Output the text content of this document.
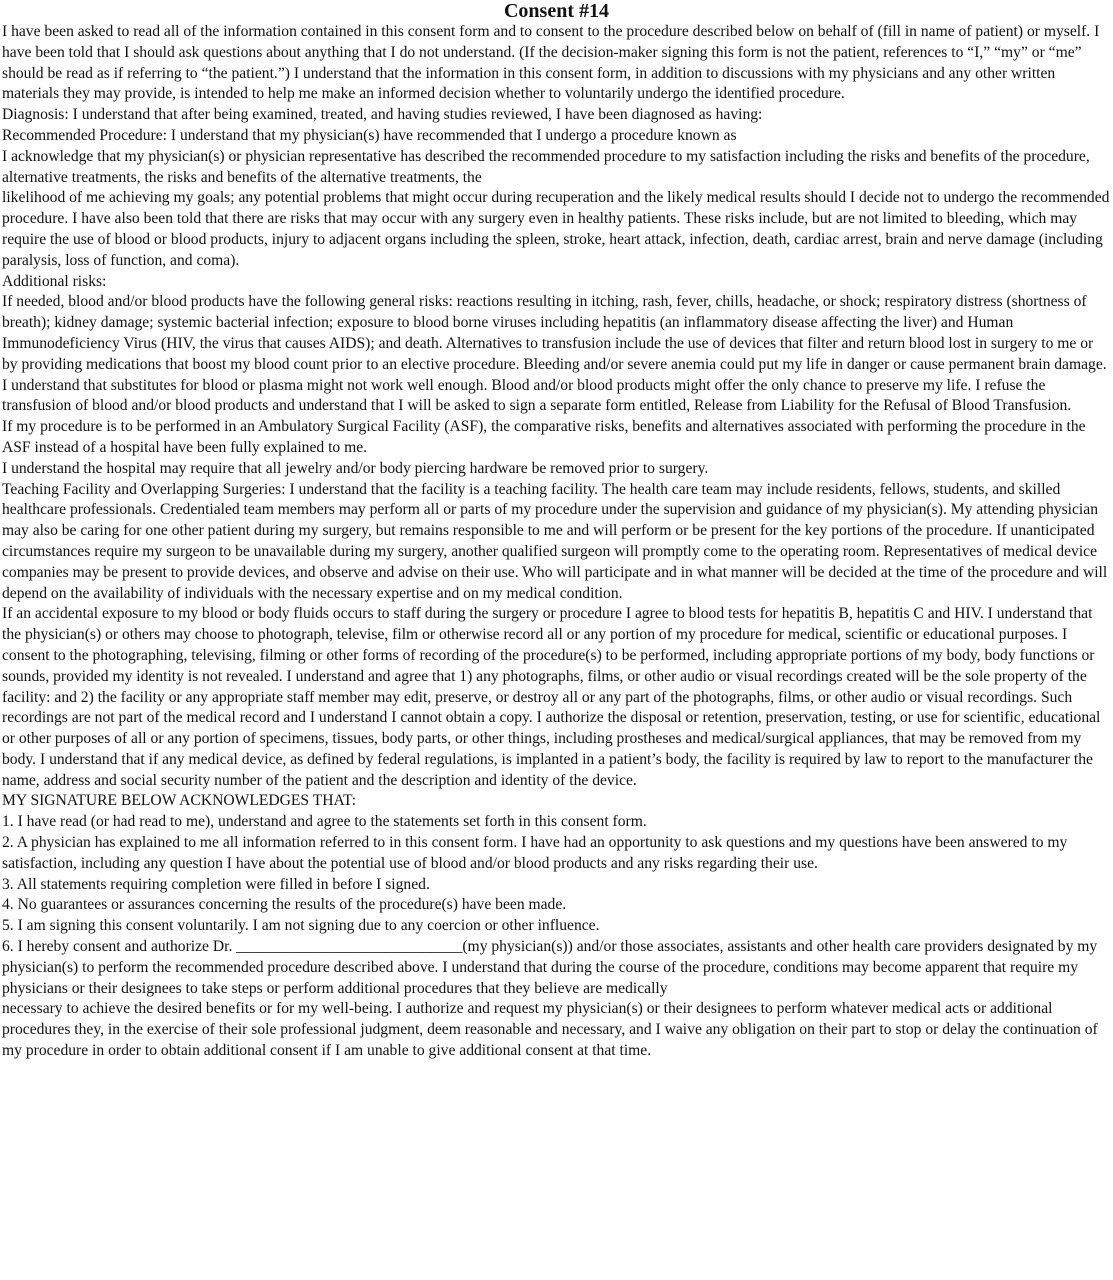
Consent #14

I have been asked to read all of the information contained in this consent form and to consent to the procedure described below on behalf of (fill in name of patient) or myself. I have been told that I should ask questions about anything that I do not understand. (If the decision-maker signing this form is not the patient, references to “I,” “my” or “me” should be read as if referring to “the patient.”) I understand that the information in this consent form, in addition to discussions with my physicians and any other written materials they may provide, is intended to help me make an informed decision whether to voluntarily undergo the identified procedure.

Diagnosis: I understand that after being examined, treated, and having studies reviewed, I have been diagnosed as having:

Recommended Procedure: I understand that my physician(s) have recommended that I undergo a procedure known as

I acknowledge that my physician(s) or physician representative has described the recommended procedure to my satisfaction including the risks and benefits of the procedure, alternative treatments, the risks and benefits of the alternative treatments, the

likelihood of me achieving my goals; any potential problems that might occur during recuperation and the likely medical results should I decide not to undergo the recommended procedure. I have also been told that there are risks that may occur with any surgery even in healthy patients. These risks include, but are not limited to bleeding, which may require the use of blood or blood products, injury to adjacent organs including the spleen, stroke, heart attack, infection, death, cardiac arrest, brain and nerve damage (including paralysis, loss of function, and coma).

Additional risks:

If needed, blood and/or blood products have the following general risks: reactions resulting in itching, rash, fever, chills, headache, or shock; respiratory distress (shortness of breath); kidney damage; systemic bacterial infection; exposure to blood borne viruses including hepatitis (an inflammatory disease affecting the liver) and Human Immunodeficiency Virus (HIV, the virus that causes AIDS); and death. Alternatives to transfusion include the use of devices that filter and return blood lost in surgery to me or by providing medications that boost my blood count prior to an elective procedure. Bleeding and/or severe anemia could put my life in danger or cause permanent brain damage. I understand that substitutes for blood or plasma might not work well enough. Blood and/or blood products might offer the only chance to preserve my life. I refuse the transfusion of blood and/or blood products and understand that I will be asked to sign a separate form entitled, Release from Liability for the Refusal of Blood Transfusion.

If my procedure is to be performed in an Ambulatory Surgical Facility (ASF), the comparative risks, benefits and alternatives associated with performing the procedure in the ASF instead of a hospital have been fully explained to me.

I understand the hospital may require that all jewelry and/or body piercing hardware be removed prior to surgery.

Teaching Facility and Overlapping Surgeries: I understand that the facility is a teaching facility. The health care team may include residents, fellows, students, and skilled healthcare professionals. Credentialed team members may perform all or parts of my procedure under the supervision and guidance of my physician(s). My attending physician may also be caring for one other patient during my surgery, but remains responsible to me and will perform or be present for the key portions of the procedure. If unanticipated circumstances require my surgeon to be unavailable during my surgery, another qualified surgeon will promptly come to the operating room. Representatives of medical device companies may be present to provide devices, and observe and advise on their use. Who will participate and in what manner will be decided at the time of the procedure and will depend on the availability of individuals with the necessary expertise and on my medical condition.

If an accidental exposure to my blood or body fluids occurs to staff during the surgery or procedure I agree to blood tests for hepatitis B, hepatitis C and HIV. I understand that the physician(s) or others may choose to photograph, televise, film or otherwise record all or any portion of my procedure for medical, scientific or educational purposes. I consent to the photographing, televising, filming or other forms of recording of the procedure(s) to be performed, including appropriate portions of my body, body functions or sounds, provided my identity is not revealed. I understand and agree that 1) any photographs, films, or other audio or visual recordings created will be the sole property of the facility: and 2) the facility or any appropriate staff member may edit, preserve, or destroy all or any part of the photographs, films, or other audio or visual recordings. Such recordings are not part of the medical record and I understand I cannot obtain a copy. I authorize the disposal or retention, preservation, testing, or use for scientific, educational or other purposes of all or any portion of specimens, tissues, body parts, or other things, including prostheses and medical/surgical appliances, that may be removed from my body. I understand that if any medical device, as defined by federal regulations, is implanted in a patient’s body, the facility is required by law to report to the manufacturer the name, address and social security number of the patient and the description and identity of the device.

MY SIGNATURE BELOW ACKNOWLEDGES THAT:

1. I have read (or had read to me), understand and agree to the statements set forth in this consent form.

2. A physician has explained to me all information referred to in this consent form. I have had an opportunity to ask questions and my questions have been answered to my satisfaction, including any question I have about the potential use of blood and/or blood products and any risks regarding their use.

3. All statements requiring completion were filled in before I signed.

4. No guarantees or assurances concerning the results of the procedure(s) have been made.

5. I am signing this consent voluntarily. I am not signing due to any coercion or other influence.

6. I hereby consent and authorize Dr. _____________________________(my physician(s)) and/or those associates, assistants and other health care providers designated by my physician(s) to perform the recommended procedure described above. I understand that during the course of the procedure, conditions may become apparent that require my physicians or their designees to take steps or perform additional procedures that they believe are medically

necessary to achieve the desired benefits or for my well-being. I authorize and request my physician(s) or their designees to perform whatever medical acts or additional procedures they, in the exercise of their sole professional judgment, deem reasonable and necessary, and I waive any obligation on their part to stop or delay the continuation of my procedure in order to obtain additional consent if I am unable to give additional consent at that time.
